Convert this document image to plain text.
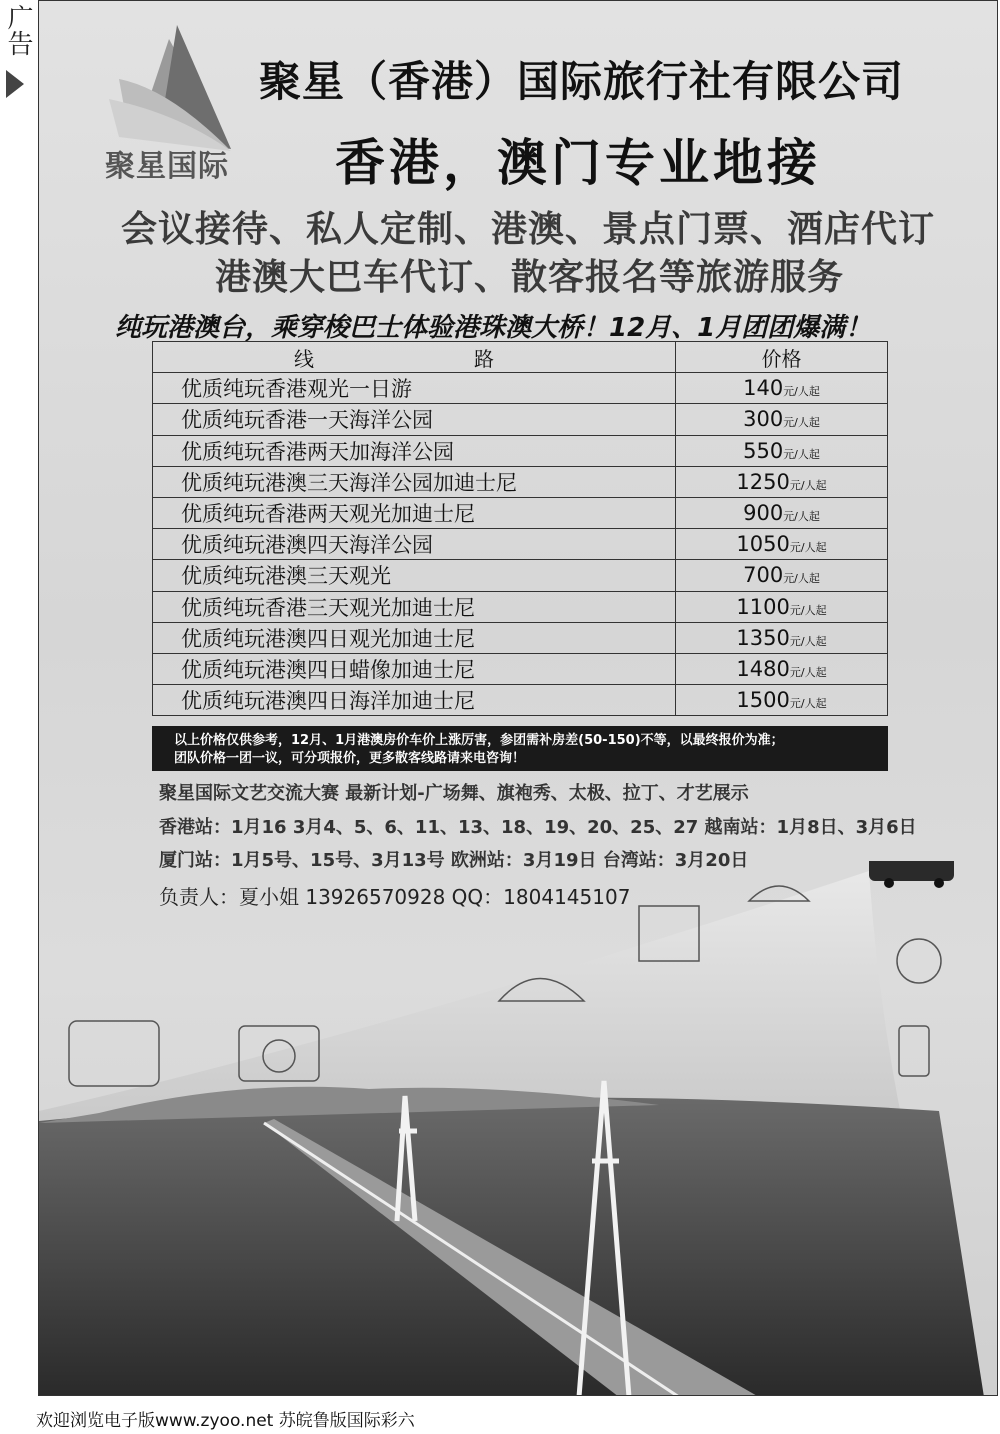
广告
聚星国际
聚星（香港）国际旅行社有限公司
香港，澳门专业地接
会议接待、私人定制、港澳、景点门票、酒店代订
港澳大巴车代订、散客报名等旅游服务
纯玩港澳台，乘穿梭巴士体验港珠澳大桥！12月、1月团团爆满！
线　　路	价格
优质纯玩香港观光一日游	140元/人起
优质纯玩香港一天海洋公园	300元/人起
优质纯玩香港两天加海洋公园	550元/人起
优质纯玩港澳三天海洋公园加迪士尼	1250元/人起
优质纯玩香港两天观光加迪士尼	900元/人起
优质纯玩港澳四天海洋公园	1050元/人起
优质纯玩港澳三天观光	700元/人起
优质纯玩香港三天观光加迪士尼	1100元/人起
优质纯玩港澳四日观光加迪士尼	1350元/人起
优质纯玩港澳四日蜡像加迪士尼	1480元/人起
优质纯玩港澳四日海洋加迪士尼	1500元/人起
以上价格仅供参考，12月、1月港澳房价车价上涨厉害，参团需补房差(50-150)不等，以最终报价为准；
团队价格一团一议，可分项报价，更多散客线路请来电咨询！
聚星国际文艺交流大赛 最新计划-广场舞、旗袍秀、太极、拉丁、才艺展示
香港站：1月16 3月4、5、6、11、13、18、19、20、25、27 越南站：1月8日、3月6日
厦门站：1月5号、15号、3月13号 欧洲站：3月19日 台湾站：3月20日
负责人：夏小姐 13926570928 QQ：1804145107
欢迎浏览电子版www.zyoo.net 苏皖鲁版国际彩六
